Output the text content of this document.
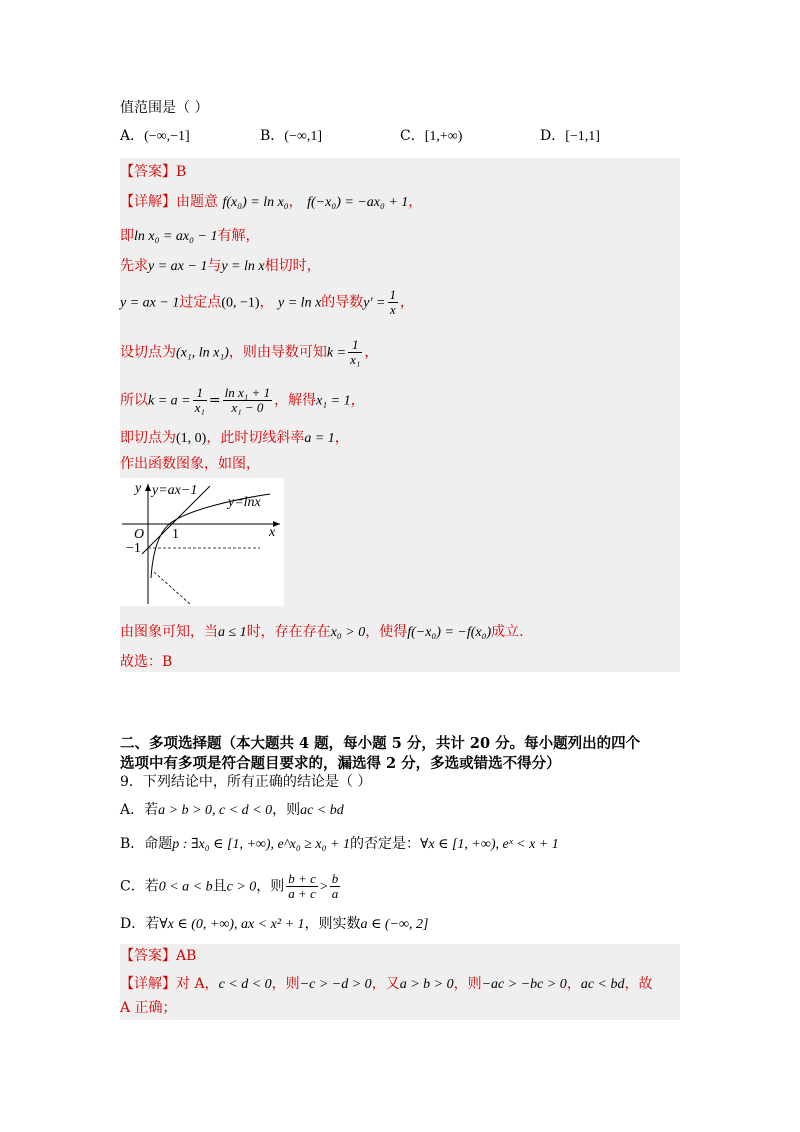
值范围是（ ）
A．(−∞,−1]	B．(−∞,1]	C．[1,+∞)	D．[−1,1]
【答案】B
【详解】由题意 f(x₀) = ln x₀， f(−x₀) = −ax₀ + 1，
即ln x₀ = ax₀ − 1有解，
先求y = ax − 1与y = ln x相切时，
y = ax − 1过定点(0, −1)， y = ln x的导数$y' = \frac{1}{x}$ ，
设切点为(x₁, ln x₁)，则由导数可知$k = \frac{1}{\text{x₁}}$ ，
所以$k = a = \frac{1}{\text{x₁}} = \frac{\text{ln x₁ + 1}}{\text{x₁ − 0}}$ ，解得x₁ = 1，
即切点为(1, 0)，此时切线斜率a = 1，
作出函数图象，如图，
y
x
y=ax−1
y=lnx
O 1
−1
由图象可知，当a ≤ 1时，存在存在x₀ > 0，使得f(−x₀) = −f(x₀)成立.
故选：B
二、多项选择题（本大题共 4 题，每小题 5 分，共计 20 分。每小题列出的四个
选项中有多项是符合题目要求的，漏选得 2 分，多选或错选不得分）
9．下列结论中，所有正确的结论是（ ）
A．若a > b > 0, c < d < 0，则ac < bd
B．命题p : ∃x₀ ∈ [1, +∞), e^x₀ ≥ x₀ + 1的否定是：∀x ∈ [1, +∞), eˣ < x + 1
C．若0 < a < b且c > 0，则 $\frac{b + c}{a + c} > \frac{b}{a}$
D．若∀x ∈ (0, +∞), ax < x² + 1，则实数a ∈ (−∞, 2]
【答案】AB
【详解】对 A，c < d < 0，则−c > −d > 0，又a > b > 0，则−ac > −bc > 0，ac < bd，故
A 正确；
